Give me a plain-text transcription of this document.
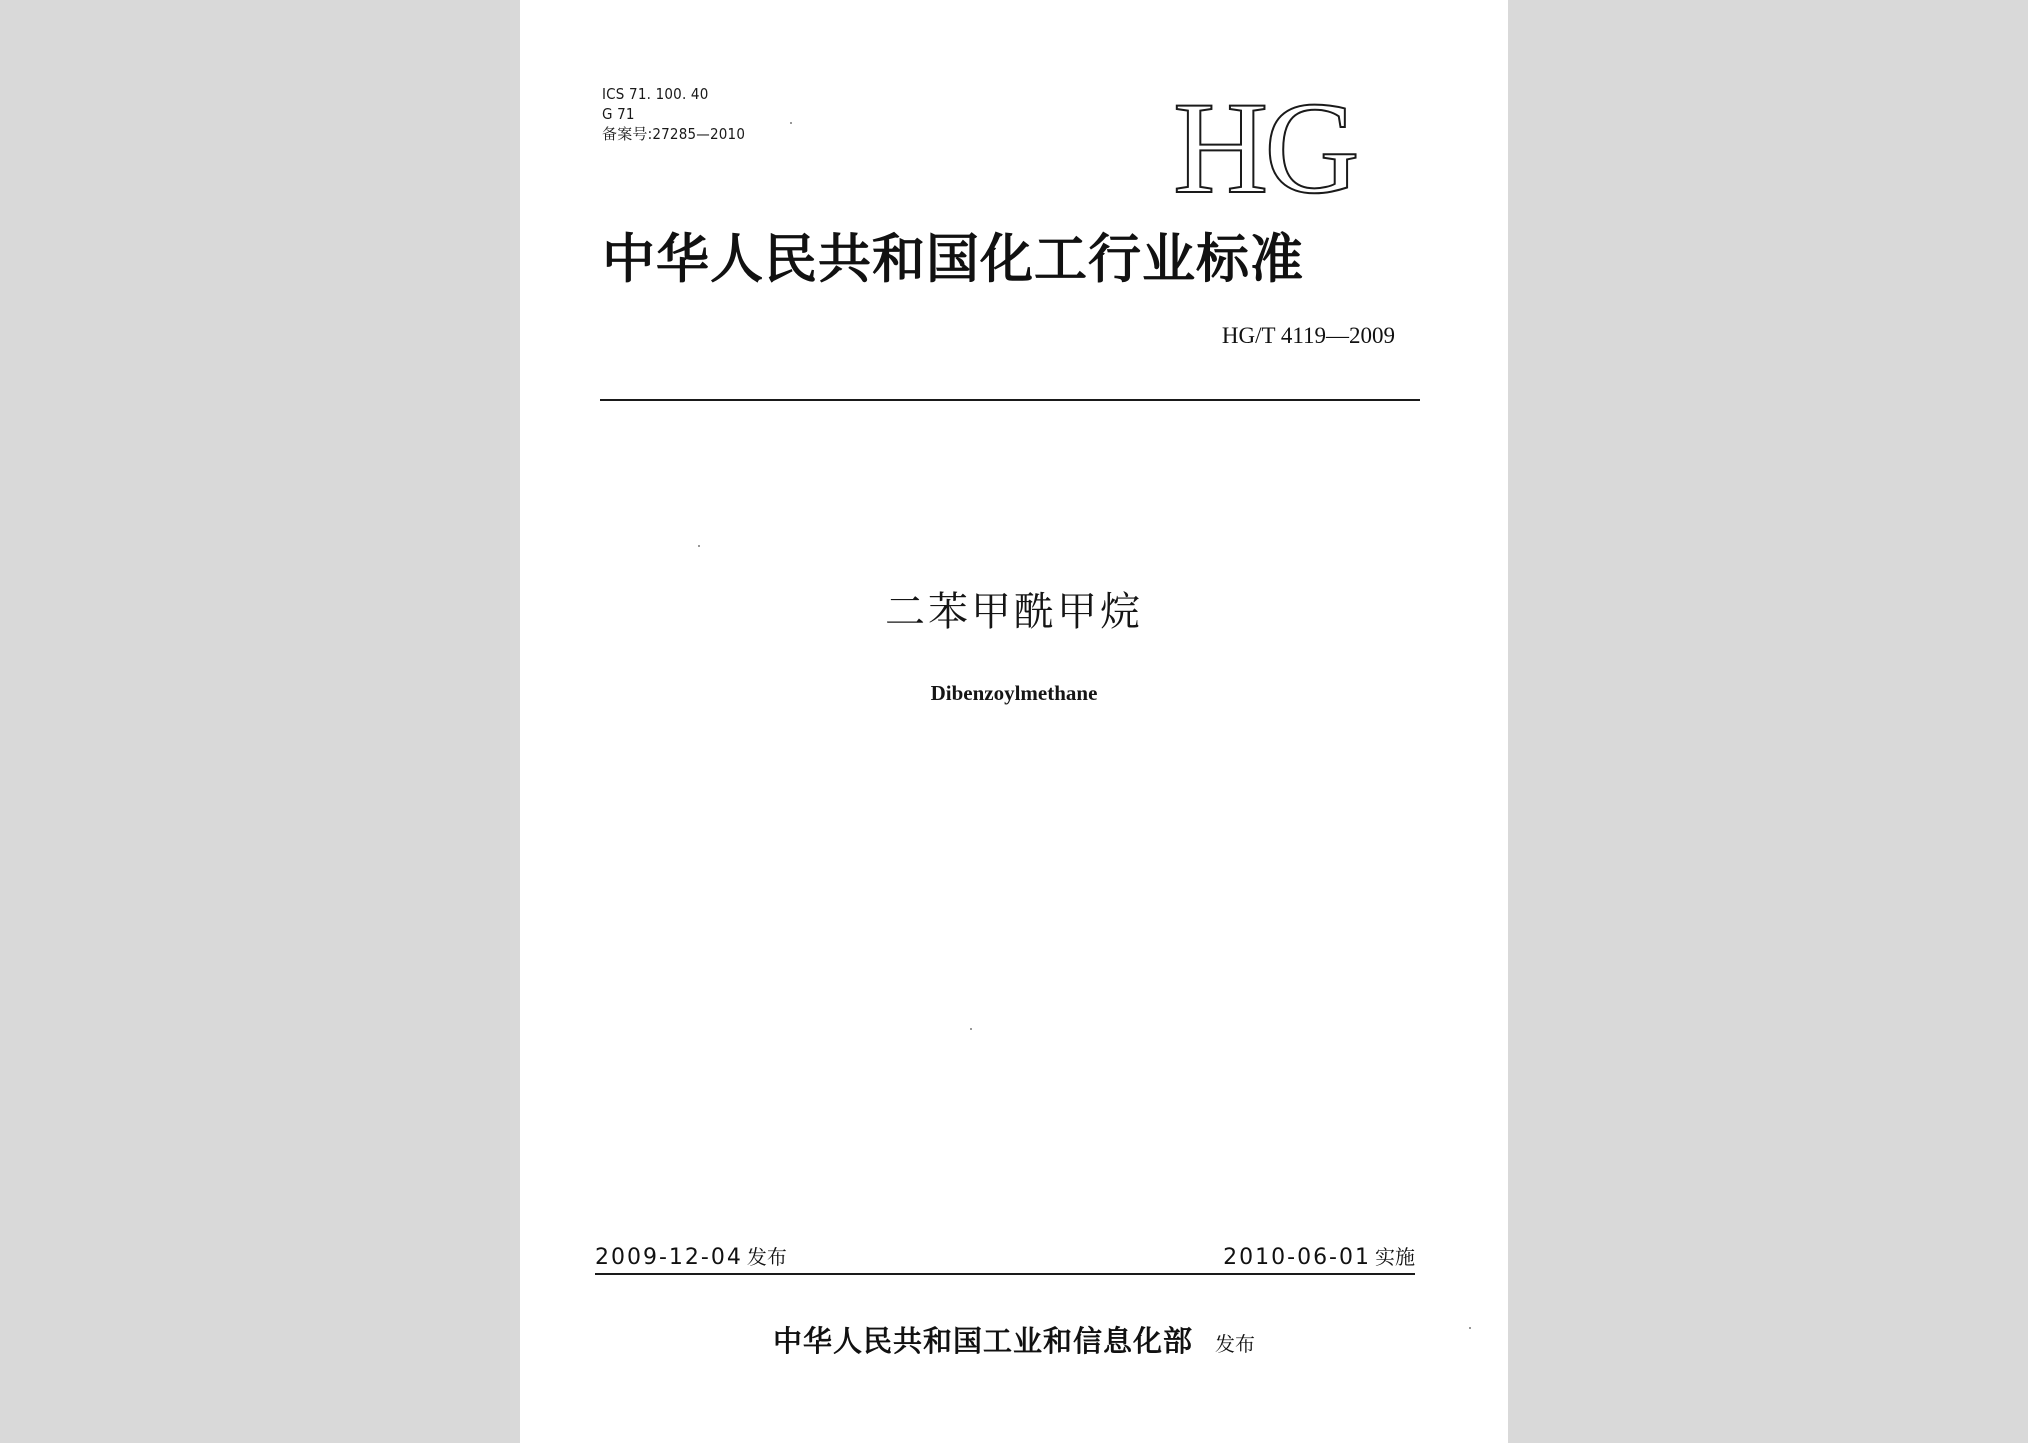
ICS 71. 100. 40
G 71
备案号:27285—2010	HG
中华人民共和国化工行业标准
HG/T 4119—2009
二苯甲酰甲烷
Dibenzoylmethane
2009-12-04 发布	2010-06-01 实施
中华人民共和国工业和信息化部 发布
